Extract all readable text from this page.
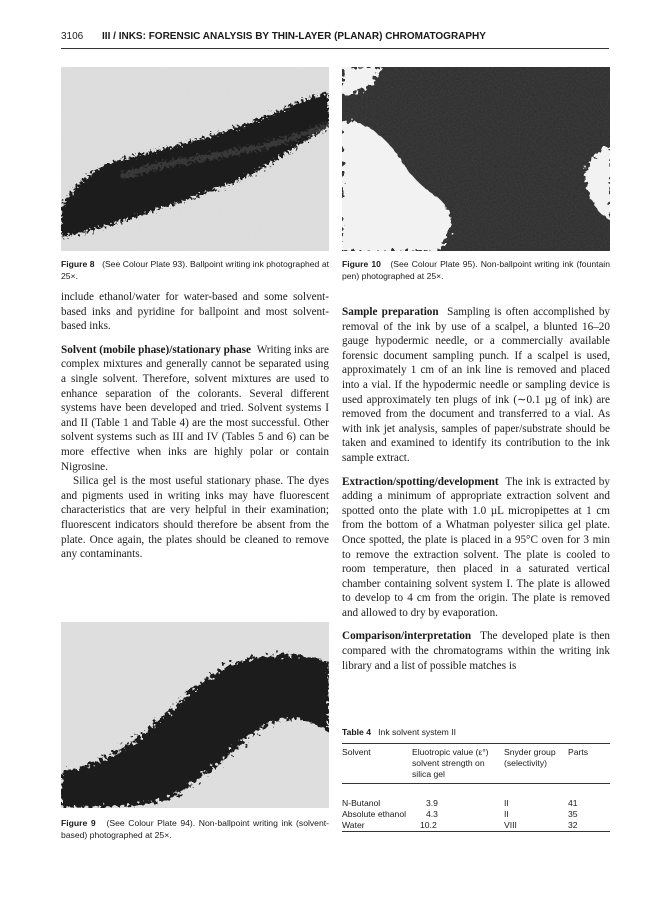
3106 III / INKS: FORENSIC ANALYSIS BY THIN-LAYER (PLANAR) CHROMATOGRAPHY
Figure 8 (See Colour Plate 93). Ballpoint writing ink photographed at 25×.
Figure 10 (See Colour Plate 95). Non-ballpoint writing ink (fountain pen) photographed at 25×.

include ethanol/water for water-based and some solvent-based inks and pyridine for ballpoint and most solvent-based inks.

Solvent (mobile phase)/stationary phase Writing inks are complex mixtures and generally cannot be separated using a single solvent. Therefore, solvent mixtures are used to enhance separation of the colorants. Several different systems have been developed and tried. Solvent systems I and II (Table 1 and Table 4) are the most successful. Other solvent systems such as III and IV (Tables 5 and 6) can be more effective when inks are highly polar or contain Nigrosine.

Silica gel is the most useful stationary phase. The dyes and pigments used in writing inks may have fluorescent characteristics that are very helpful in their examination; fluorescent indicators should therefore be absent from the plate. Once again, the plates should be cleaned to remove any contaminants.

Figure 9 (See Colour Plate 94). Non-ballpoint writing ink (solvent-based) photographed at 25×.

Sample preparation Sampling is often accomplished by removal of the ink by use of a scalpel, a blunted 16–20 gauge hypodermic needle, or a commercially available forensic document sampling punch. If a scalpel is used, approximately 1 cm of an ink line is removed and placed into a vial. If the hypodermic needle or sampling device is used approximately ten plugs of ink (∼0.1 µg of ink) are removed from the document and transferred to a vial. As with ink jet analysis, samples of paper/substrate should be taken and examined to identify its contribution to the ink sample extract.

Extraction/spotting/development The ink is extracted by adding a minimum of appropriate extraction solvent and spotted onto the plate with 1.0 µL micropipettes at 1 cm from the bottom of a Whatman polyester silica gel plate. Once spotted, the plate is placed in a 95°C oven for 3 min to remove the extraction solvent. The plate is cooled to room temperature, then placed in a saturated vertical chamber containing solvent system I. The plate is allowed to develop to 4 cm from the origin. The plate is removed and allowed to dry by evaporation.

Comparison/interpretation The developed plate is then compared with the chromatograms within the writing ink library and a list of possible matches is

Table 4 Ink solvent system II
Solvent	Eluotropic value (ε°) solvent strength on silica gel	Snyder group (selectivity)	Parts
N-Butanol	3.9	II	41
Absolute ethanol	4.3	II	35
Water	10.2	VIII	32
